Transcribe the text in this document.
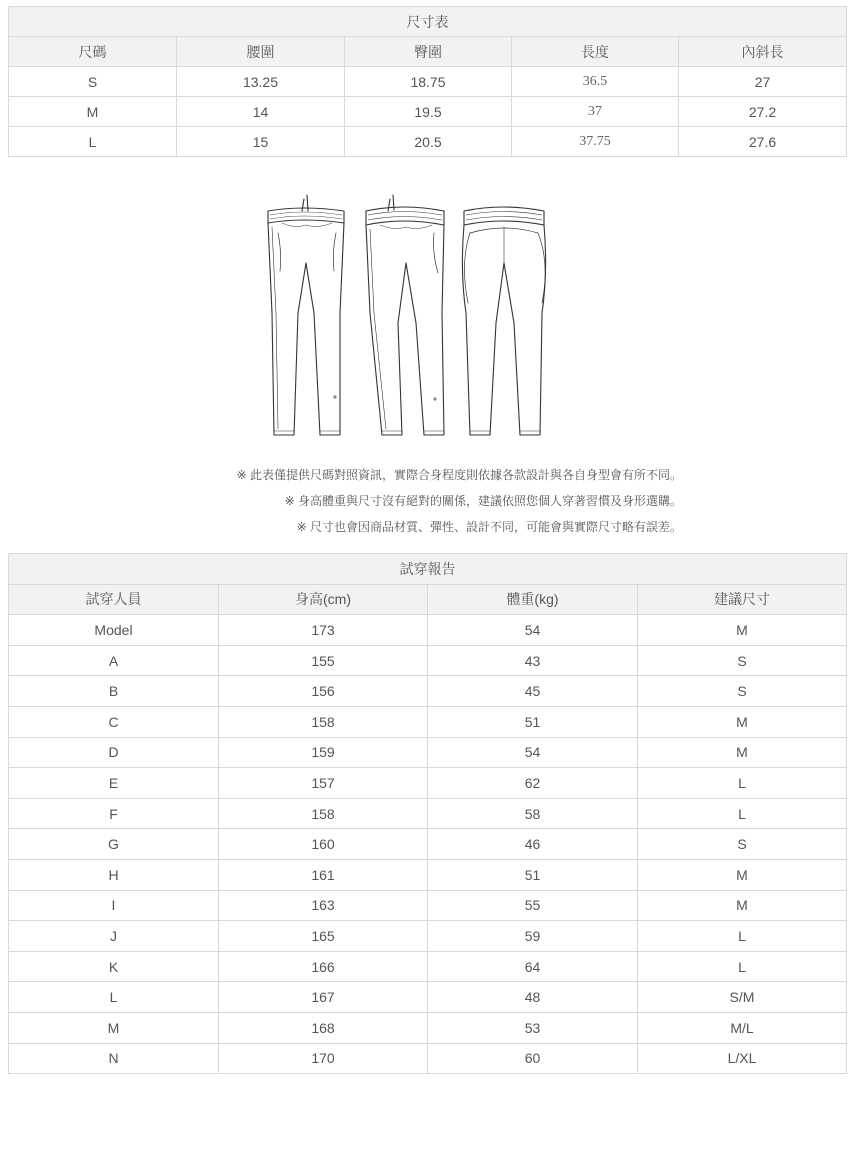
尺寸表				
尺碼	腰圍	臀圍	長度	內斜長
S	13.25	18.75	36.5	27
M	14	19.5	37	27.2
L	15	20.5	37.75	27.6
※ 此表僅提供尺碼對照資訊，實際合身程度則依據各款設計與各自身型會有所不同。
※ 身高體重與尺寸沒有絕對的關係，建議依照您個人穿著習慣及身形選購。
※ 尺寸也會因商品材質、彈性、設計不同，可能會與實際尺寸略有誤差。
試穿報告			
試穿人員	身高(cm)	體重(kg)	建議尺寸
Model	173	54	M
A	155	43	S
B	156	45	S
C	158	51	M
D	159	54	M
E	157	62	L
F	158	58	L
G	160	46	S
H	161	51	M
I	163	55	M
J	165	59	L
K	166	64	L
L	167	48	S/M
M	168	53	M/L
N	170	60	L/XL
